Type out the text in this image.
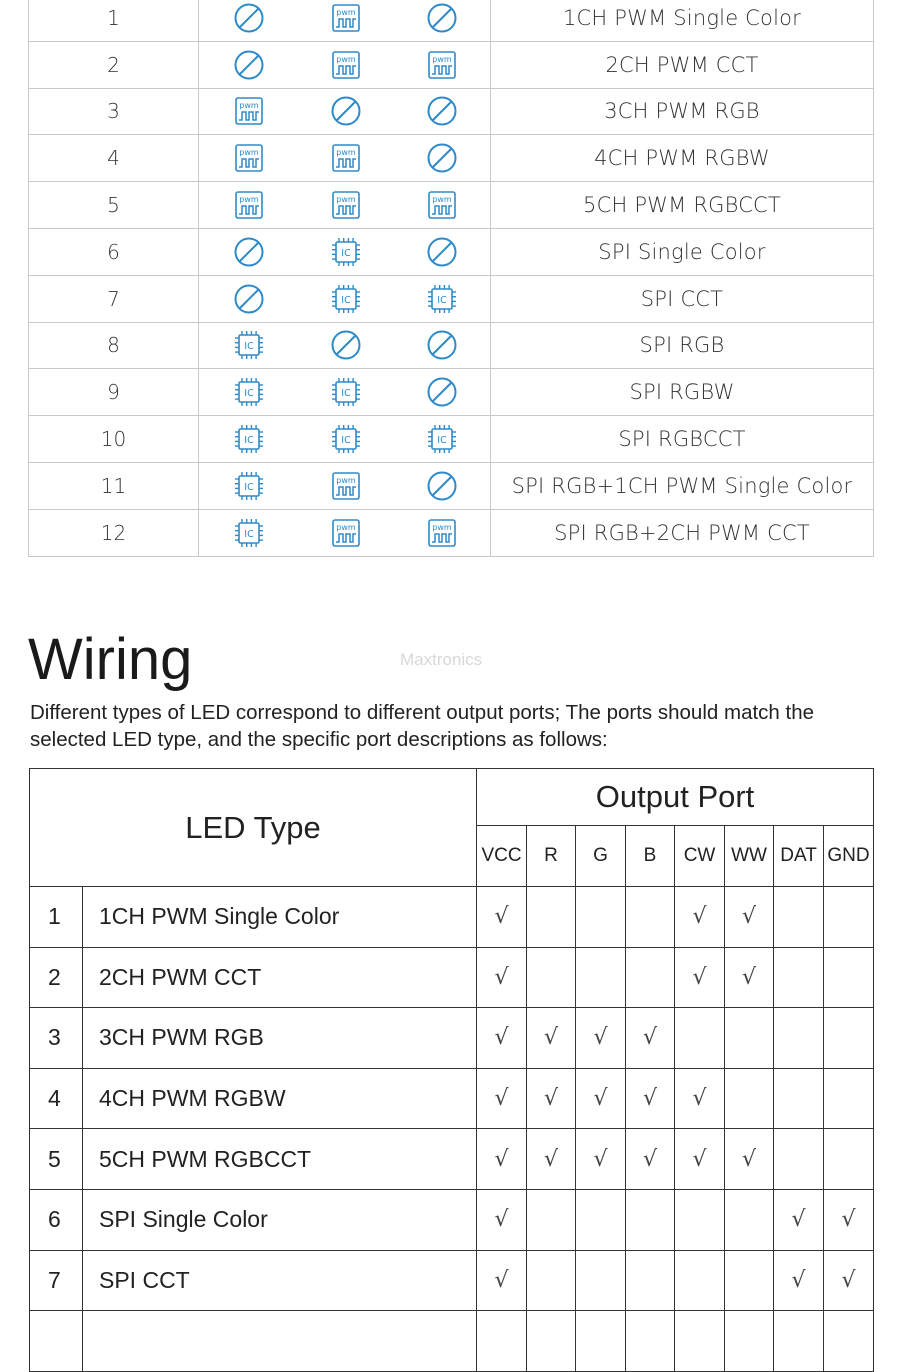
1		pwm		1CH PWM Single Color
2		pwm	pwm	2CH PWM CCT
3	pwm			3CH PWM RGB
4	pwm	pwm		4CH PWM RGBW
5	pwm	pwm	pwm	5CH PWM RGBCCT
6		IC		SPI Single Color
7		IC	IC	SPI CCT
8	IC			SPI RGB
9	IC	IC		SPI RGBW
10	IC	IC	IC	SPI RGBCCT
11	IC	pwm		SPI RGB+1CH PWM Single Color
12	IC	pwm	pwm	SPI RGB+2CH PWM CCT
Wiring	Maxtronics

Different types of LED correspond to different output ports; The ports should match the selected LED type, and the specific port descriptions as follows:

LED Type		Output Port							
		VCC	R	G	B	CW	WW	DAT	GND
1	1CH PWM Single Color	√				√	√		
2	2CH PWM CCT	√				√	√		
3	3CH PWM RGB	√	√	√	√				
4	4CH PWM RGBW	√	√	√	√	√			
5	5CH PWM RGBCCT	√	√	√	√	√	√		
6	SPI Single Color	√						√	√
7	SPI CCT	√						√	√
